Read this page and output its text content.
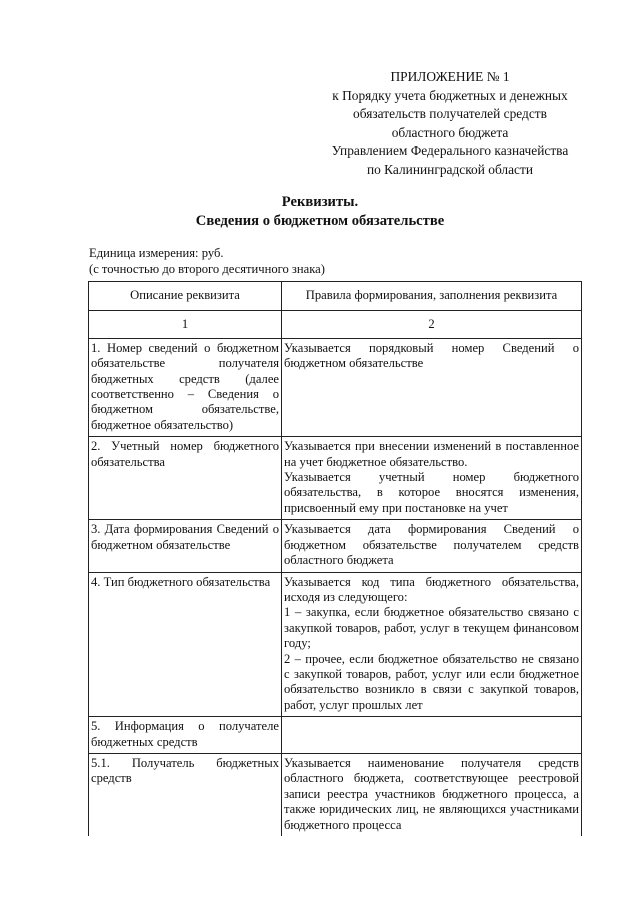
ПРИЛОЖЕНИЕ № 1
к Порядку учета бюджетных и денежных
обязательств получателей средств
областного бюджета
Управлением Федерального казначейства
по Калининградской области
Реквизиты.
Сведения о бюджетном обязательстве
Единица измерения: руб.
(с точностью до второго десятичного знака)
Описание реквизита	Правила формирования, заполнения реквизита
1	2
1. Номер сведений о бюджетном обязательстве получателя бюджетных средств (далее соответственно – Сведения о бюджетном обязательстве, бюджетное обязательство)	Указывается порядковый номер Сведений о бюджетном обязательстве

2. Учетный номер бюджетного обязательства	Указывается при внесении изменений в поставленное на учет бюджетное обязательство.

Указывается учетный номер бюджетного обязательства, в которое вносятся изменения, присвоенный ему при постановке на учет

3. Дата формирования Сведений о бюджетном обязательстве	Указывается дата формирования Сведений о бюджетном обязательстве получателем средств областного бюджета

4. Тип бюджетного обязательства	Указывается код типа бюджетного обязательства, исходя из следующего:

1 – закупка, если бюджетное обязательство связано с закупкой товаров, работ, услуг в текущем финансовом году;

2 – прочее, если бюджетное обязательство не связано с закупкой товаров, работ, услуг или если бюджетное обязательство возникло в связи с закупкой товаров, работ, услуг прошлых лет

5. Информация о получателе бюджетных средств	
5.1. Получатель бюджетных средств	Указывается наименование получателя средств областного бюджета, соответствующее реестровой записи реестра участников бюджетного процесса, а также юридических лиц, не являющихся участниками бюджетного процесса
